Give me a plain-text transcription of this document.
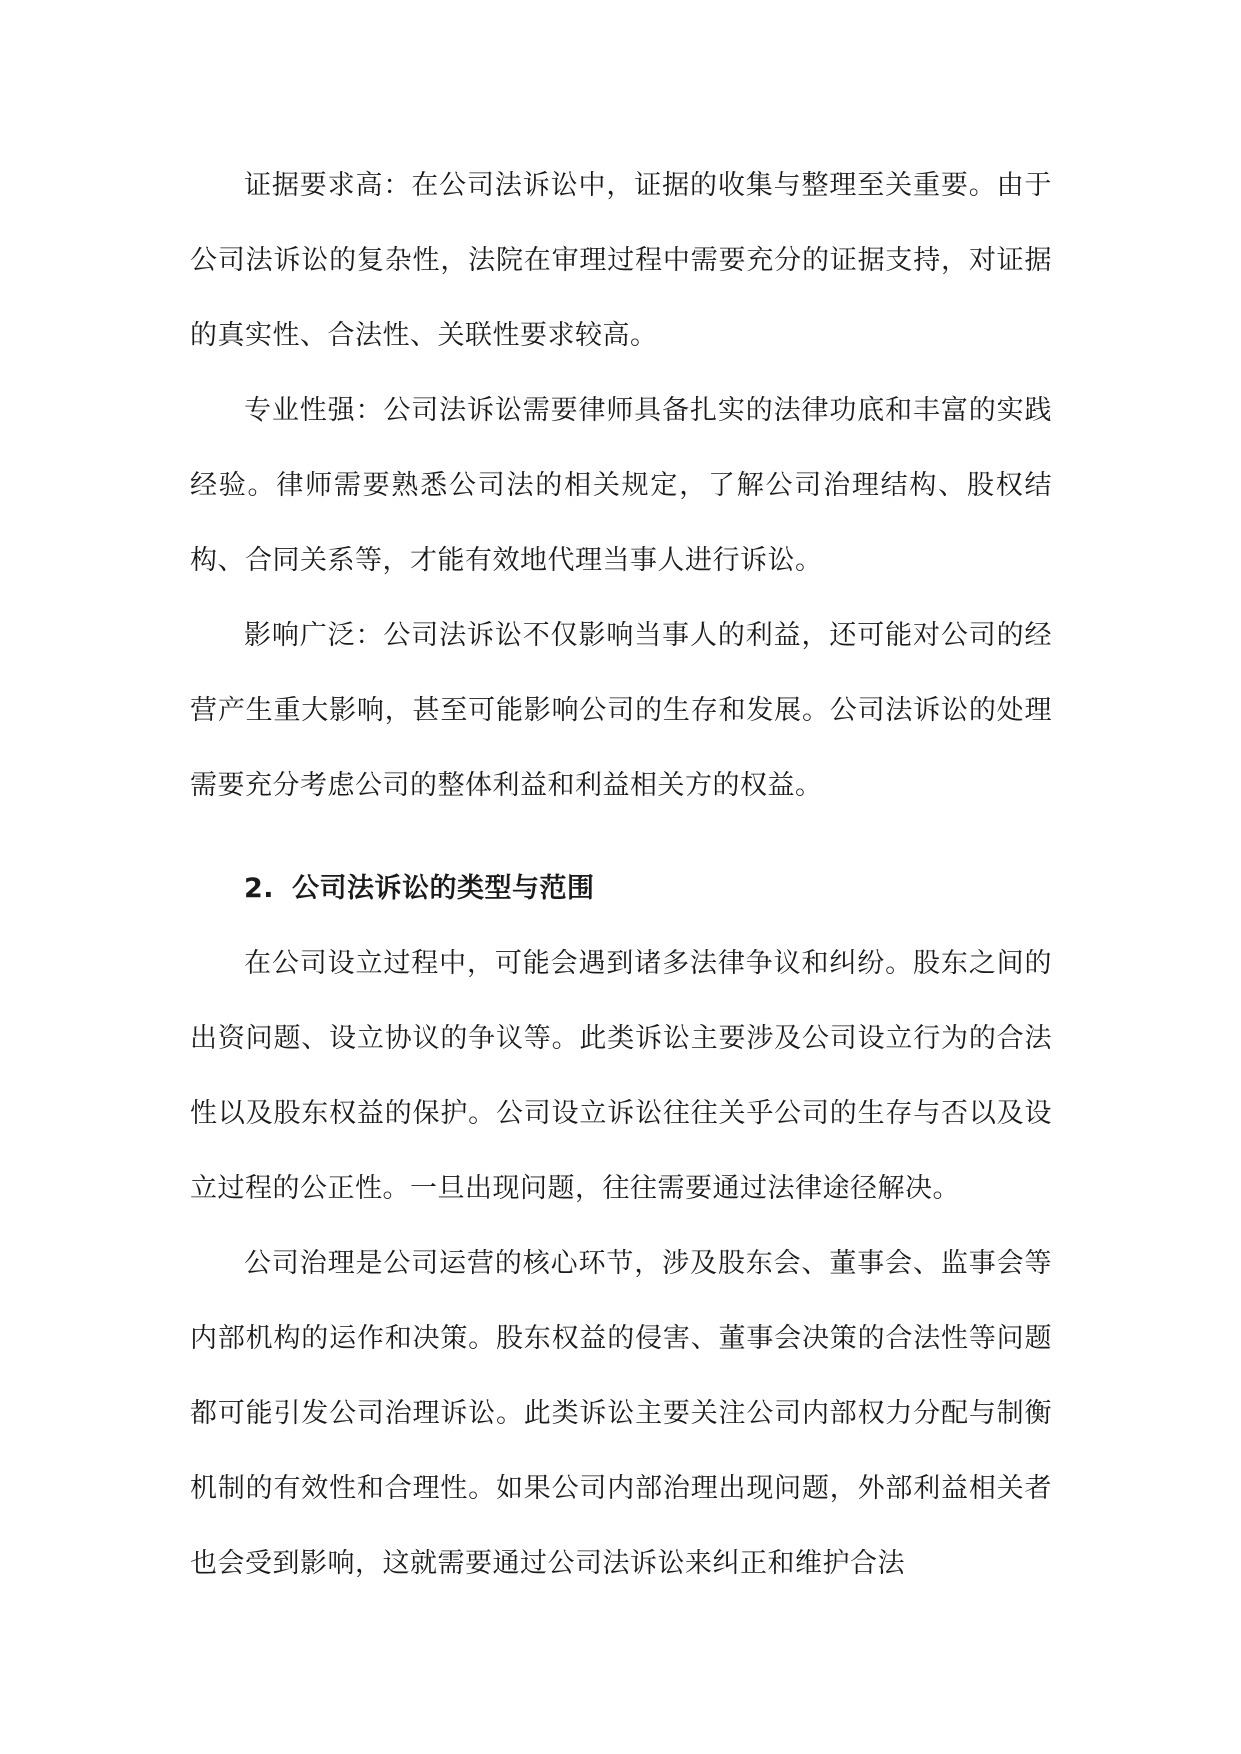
证据要求高：在公司法诉讼中，证据的收集与整理至关重要。由于公司法诉讼的复杂性，法院在审理过程中需要充分的证据支持，对证据的真实性、合法性、关联性要求较高。

专业性强：公司法诉讼需要律师具备扎实的法律功底和丰富的实践经验。律师需要熟悉公司法的相关规定，了解公司治理结构、股权结构、合同关系等，才能有效地代理当事人进行诉讼。

影响广泛：公司法诉讼不仅影响当事人的利益，还可能对公司的经营产生重大影响，甚至可能影响公司的生存和发展。公司法诉讼的处理需要充分考虑公司的整体利益和利益相关方的权益。

2. 公司法诉讼的类型与范围

在公司设立过程中，可能会遇到诸多法律争议和纠纷。股东之间的出资问题、设立协议的争议等。此类诉讼主要涉及公司设立行为的合法性以及股东权益的保护。公司设立诉讼往往关乎公司的生存与否以及设立过程的公正性。一旦出现问题，往往需要通过法律途径解决。

公司治理是公司运营的核心环节，涉及股东会、董事会、监事会等内部机构的运作和决策。股东权益的侵害、董事会决策的合法性等问题都可能引发公司治理诉讼。此类诉讼主要关注公司内部权力分配与制衡机制的有效性和合理性。如果公司内部治理出现问题，外部利益相关者也会受到影响，这就需要通过公司法诉讼来纠正和维护合法
